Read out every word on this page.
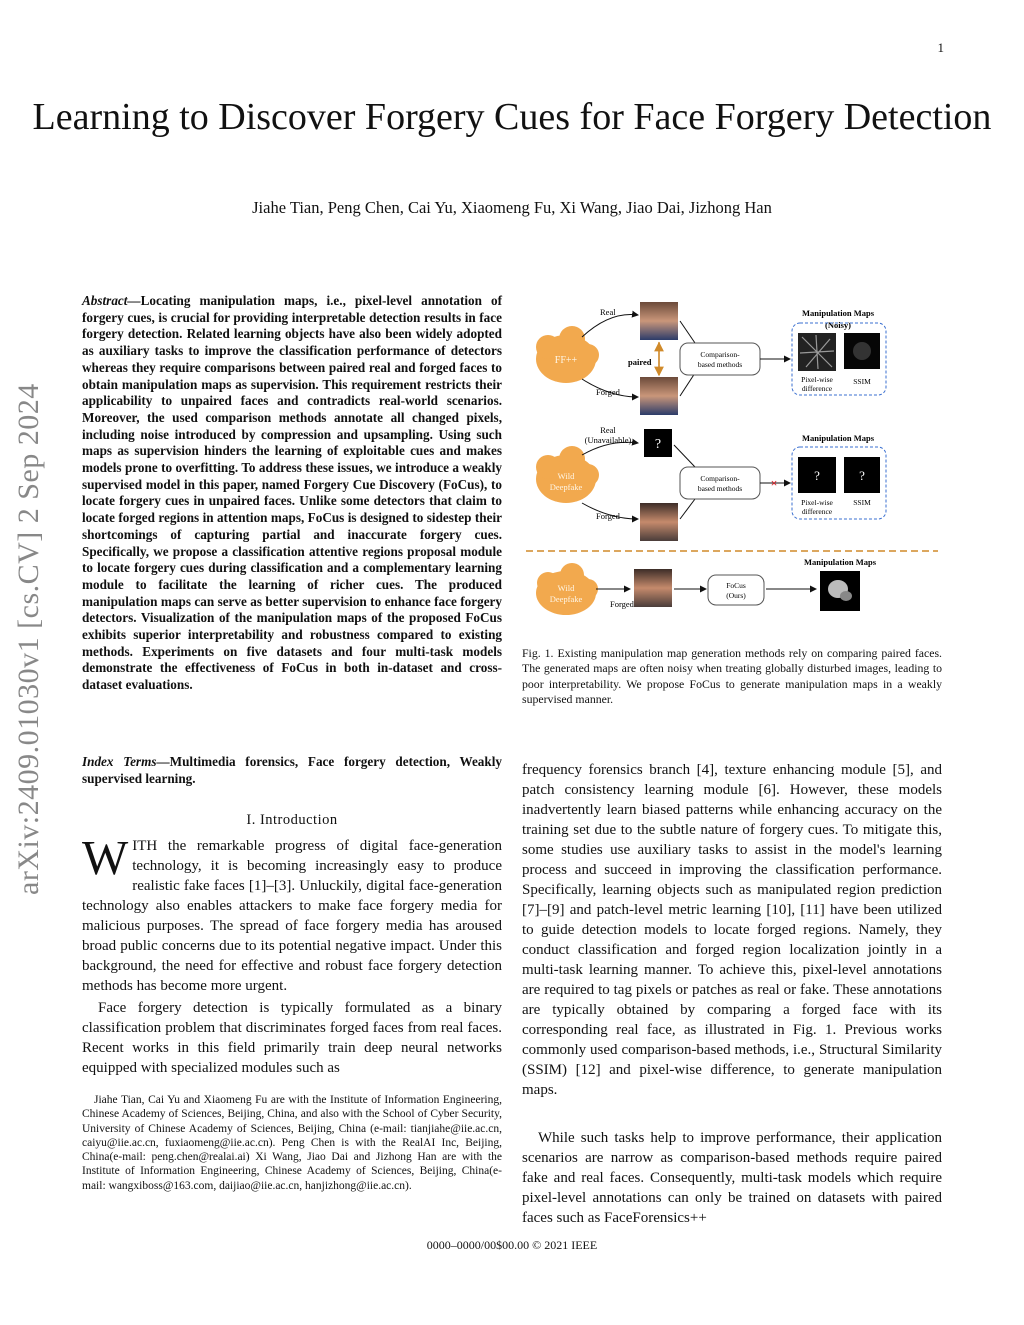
1
arXiv:2409.01030v1 [cs.CV] 2 Sep 2024
Learning to Discover Forgery Cues for Face Forgery Detection
Jiahe Tian, Peng Chen, Cai Yu, Xiaomeng Fu, Xi Wang, Jiao Dai, Jizhong Han
Abstract—Locating manipulation maps, i.e., pixel-level annotation of forgery cues, is crucial for providing interpretable detection results in face forgery detection. Related learning objects have also been widely adopted as auxiliary tasks to improve the classification performance of detectors whereas they require comparisons between paired real and forged faces to obtain manipulation maps as supervision. This requirement restricts their applicability to unpaired faces and contradicts real-world scenarios. Moreover, the used comparison methods annotate all changed pixels, including noise introduced by compression and upsampling. Using such maps as supervision hinders the learning of exploitable cues and makes models prone to overfitting. To address these issues, we introduce a weakly supervised model in this paper, named Forgery Cue Discovery (FoCus), to locate forgery cues in unpaired faces. Unlike some detectors that claim to locate forged regions in attention maps, FoCus is designed to sidestep their shortcomings of capturing partial and inaccurate forgery cues. Specifically, we propose a classification attentive regions proposal module to locate forgery cues during classification and a complementary learning module to facilitate the learning of richer cues. The produced manipulation maps can serve as better supervision to enhance face forgery detectors. Visualization of the manipulation maps of the proposed FoCus exhibits superior interpretability and robustness compared to existing methods. Experiments on five datasets and four multi-task models demonstrate the effectiveness of FoCus in both in-dataset and cross-dataset evaluations.
Index Terms—Multimedia forensics, Face forgery detection, Weakly supervised learning.
I. Introduction
WITH the remarkable progress of digital face-generation technology, it is becoming increasingly easy to produce realistic fake faces [1]–[3]. Unluckily, digital face-generation technology also enables attackers to make face forgery media for malicious purposes. The spread of face forgery media has aroused broad public concerns due to its potential negative impact. Under this background, the need for effective and robust face forgery detection methods has become more urgent.
Face forgery detection is typically formulated as a binary classification problem that discriminates forged faces from real faces. Recent works in this field primarily train deep neural networks equipped with specialized modules such as
Jiahe Tian, Cai Yu and Xiaomeng Fu are with the Institute of Information Engineering, Chinese Academy of Sciences, Beijing, China, and also with the School of Cyber Security, University of Chinese Academy of Sciences, Beijing, China (e-mail: tianjiahe@iie.ac.cn, caiyu@iie.ac.cn, fuxiaomeng@iie.ac.cn). Peng Chen is with the RealAI Inc, Beijing, China(e-mail: peng.chen@realai.ai) Xi Wang, Jiao Dai and Jizhong Han are with the Institute of Information Engineering, Chinese Academy of Sciences, Beijing, China(e-mail: wangxiboss@163.com, daijiao@iie.ac.cn, hanjizhong@iie.ac.cn).
FF++
Real
Forged
paired
Comparison-
based methods
Manipulation Maps
(Noisy)
Pixel-wise
difference
SSIM
Wild
Deepfake
Real
(Unavailable)
Forged
?
Comparison-
based methods ×
Manipulation Maps
?	?
Pixel-wise
difference
SSIM
Wild
Deepfake	Forged
FoCus
(Ours)
Manipulation Maps
Fig. 1. Existing manipulation map generation methods rely on comparing paired faces. The generated maps are often noisy when treating globally disturbed images, leading to poor interpretability. We propose FoCus to generate manipulation maps in a weakly supervised manner.
frequency forensics branch [4], texture enhancing module [5], and patch consistency learning module [6]. However, these models inadvertently learn biased patterns while enhancing accuracy on the training set due to the subtle nature of forgery cues. To mitigate this, some studies use auxiliary tasks to assist in the model's learning process and succeed in improving the classification performance. Specifically, learning objects such as manipulated region prediction [7]–[9] and patch-level metric learning [10], [11] have been utilized to guide detection models to locate forged regions. Namely, they conduct classification and forged region localization jointly in a multi-task learning manner. To achieve this, pixel-level annotations are required to tag pixels or patches as real or fake. These annotations are typically obtained by comparing a forged face with its corresponding real face, as illustrated in Fig. 1. Previous works commonly used comparison-based methods, i.e., Structural Similarity (SSIM) [12] and pixel-wise difference, to generate manipulation maps.
While such tasks help to improve performance, their application scenarios are narrow as comparison-based methods require paired fake and real faces. Consequently, multi-task models which require pixel-level annotations can only be trained on datasets with paired faces such as FaceForensics++
0000–0000/00$00.00 © 2021 IEEE
